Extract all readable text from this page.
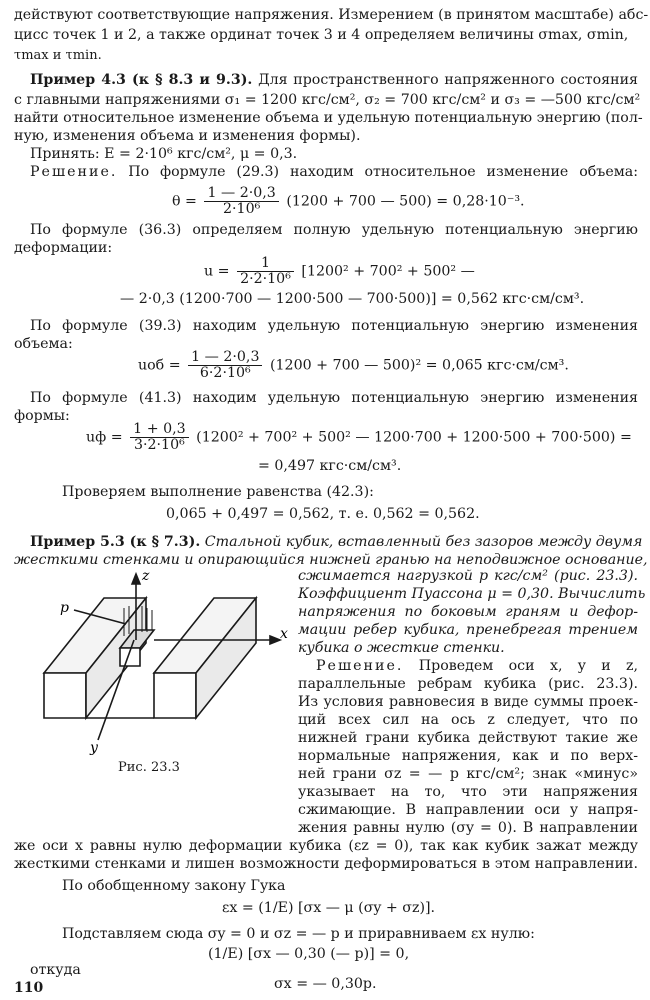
действуют соответствующие напряжения. Измерением (в принятом масштабе) абс-
цисс точек 1 и 2, а также ординат точек 3 и 4 определяем величины σmax, σmin,
τmax и τmin.
Пример 4.3 (к § 8.3 и 9.3). Для пространственного напряженного состояния
с главными напряжениями σ₁ = 1200 кгс/см², σ₂ = 700 кгс/см² и σ₃ = —500 кгс/см²
найти относительное изменение объема и удельную потенциальную энергию (пол-
ную, изменения объема и изменения формы).
Принять: E = 2·10⁶ кгс/см², μ = 0,3.
Решение. По формуле (29.3) находим относительное изменение объема:
$\theta = \frac{1 — 2\cdot 0,3}{\text{2·10⁶}} (1200 + 700$ — 500) = 0,28·10⁻³.
По формуле (36.3) определяем полную удельную потенциальную энергию
деформации:
$u = \frac{1}{\text{2·2·10⁶}} [1200^2 + 700^2 + 500^2$ —
— 2·0,3 (1200·700 — 1200·500 — 700·500)] = 0,562 кгс·см/см³.
По формуле (39.3) находим удельную потенциальную энергию изменения
объема:
uоб = $\frac{1 — 2\cdot 0,3}{\text{6·2·10⁶}} (1200 + 700$ — 500)² = 0,065 кгс·см/см³.
По формуле (41.3) находим удельную потенциальную энергию изменения
формы:
uф = $\frac{1 + 0,3}{\text{3·2·10⁶}} (1200^2 + 700^2 + 500^2$ — 1200·700 + 1200·500 + 700·500) =
= 0,497 кгс·см/см³.
Проверяем выполнение равенства (42.3):
0,065 + 0,497 = 0,562, т. е. 0,562 = 0,562.
Пример 5.3 (к § 7.3). Стальной кубик, вставленный без зазоров между двумя
жесткими стенками и опирающийся нижней гранью на неподвижное основание,
сжимается нагрузкой p кгс/см² (рис. 23.3).
Коэффициент Пуассона μ = 0,30. Вычислить
напряжения по боковым граням и дефор-
мации ребер кубика, пренебрегая трением
кубика о жесткие стенки.
Решение. Проведем оси x, y и z,
параллельные ребрам кубика (рис. 23.3).
Из условия равновесия в виде суммы проек-
ций всех сил на ось z следует, что по
нижней грани кубика действуют такие же
нормальные напряжения, как и по верх-
ней грани σz = — p кгс/см²; знак «минус»
указывает на то, что эти напряжения
сжимающие. В направлении оси y напря-
жения равны нулю (σy = 0). В направлении
же оси x равны нулю деформации кубика (εz = 0), так как кубик зажат между
жесткими стенками и лишен возможности деформироваться в этом направлении.
По обобщенному закону Гука
εx = (1/E) [σx — μ (σy + σz)].
Подставляем сюда σy = 0 и σz = — p и приравниваем εx нулю:
(1/E) [σx — 0,30 (— p)] = 0,
откуда
σx = — 0,30p.
110
z
x
y
p
Рис. 23.3
